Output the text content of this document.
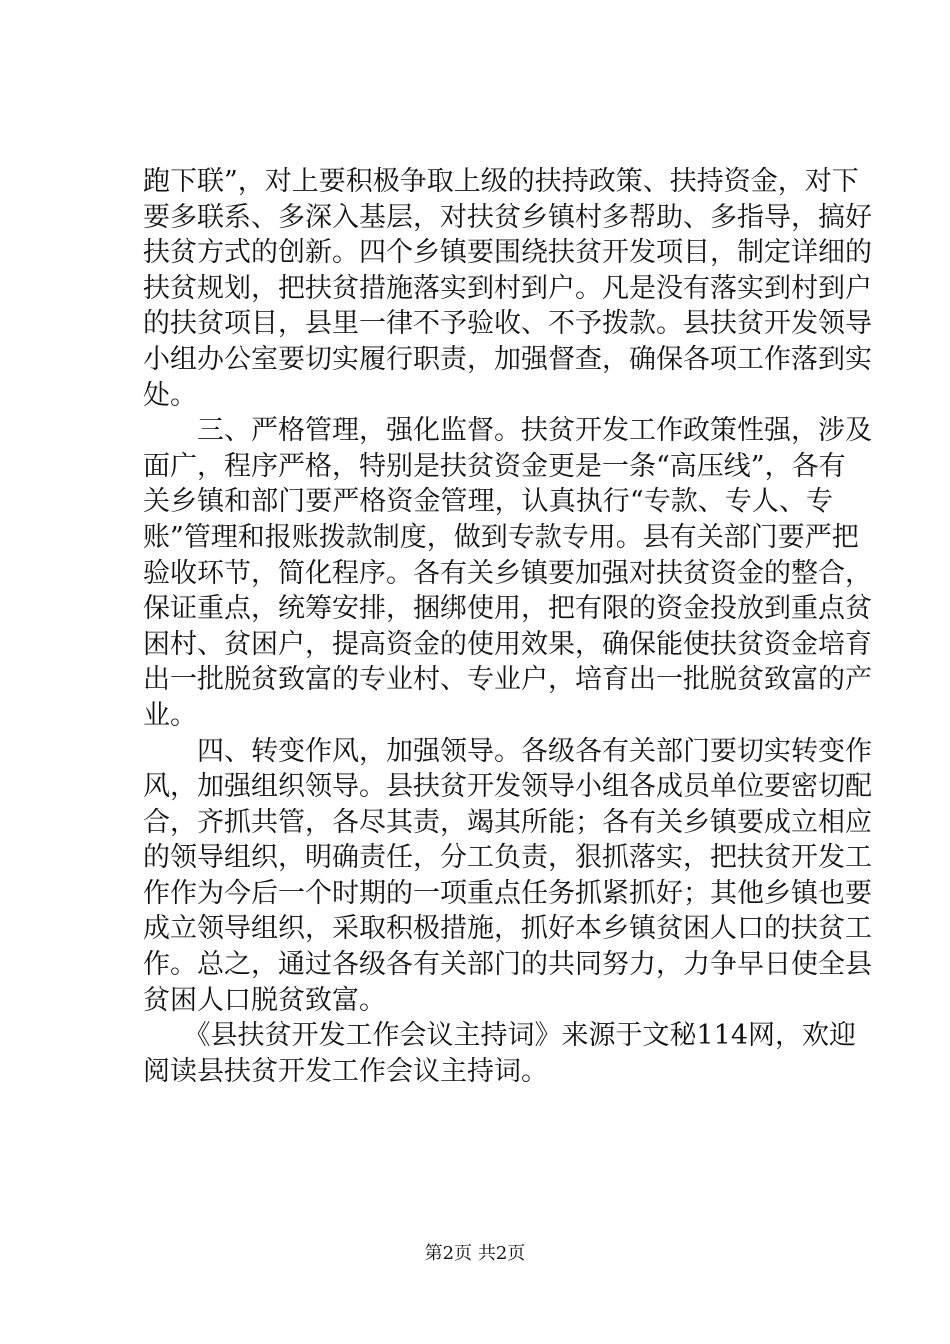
跑下联”，对上要积极争取上级的扶持政策、扶持资金，对下
要多联系、多深入基层，对扶贫乡镇村多帮助、多指导，搞好
扶贫方式的创新。四个乡镇要围绕扶贫开发项目，制定详细的
扶贫规划，把扶贫措施落实到村到户。凡是没有落实到村到户
的扶贫项目，县里一律不予验收、不予拨款。县扶贫开发领导
小组办公室要切实履行职责，加强督查，确保各项工作落到实
处。
　　三、严格管理，强化监督。扶贫开发工作政策性强，涉及
面广，程序严格，特别是扶贫资金更是一条“高压线”，各有
关乡镇和部门要严格资金管理，认真执行“专款、专人、专
账”管理和报账拨款制度，做到专款专用。县有关部门要严把
验收环节，简化程序。各有关乡镇要加强对扶贫资金的整合，
保证重点，统筹安排，捆绑使用，把有限的资金投放到重点贫
困村、贫困户，提高资金的使用效果，确保能使扶贫资金培育
出一批脱贫致富的专业村、专业户，培育出一批脱贫致富的产
业。
　　四、转变作风，加强领导。各级各有关部门要切实转变作
风，加强组织领导。县扶贫开发领导小组各成员单位要密切配
合，齐抓共管，各尽其责，竭其所能；各有关乡镇要成立相应
的领导组织，明确责任，分工负责，狠抓落实，把扶贫开发工
作作为今后一个时期的一项重点任务抓紧抓好；其他乡镇也要
成立领导组织，采取积极措施，抓好本乡镇贫困人口的扶贫工
作。总之，通过各级各有关部门的共同努力，力争早日使全县
贫困人口脱贫致富。
　　《县扶贫开发工作会议主持词》来源于文秘114网，欢迎
阅读县扶贫开发工作会议主持词。
第2页 共2页
